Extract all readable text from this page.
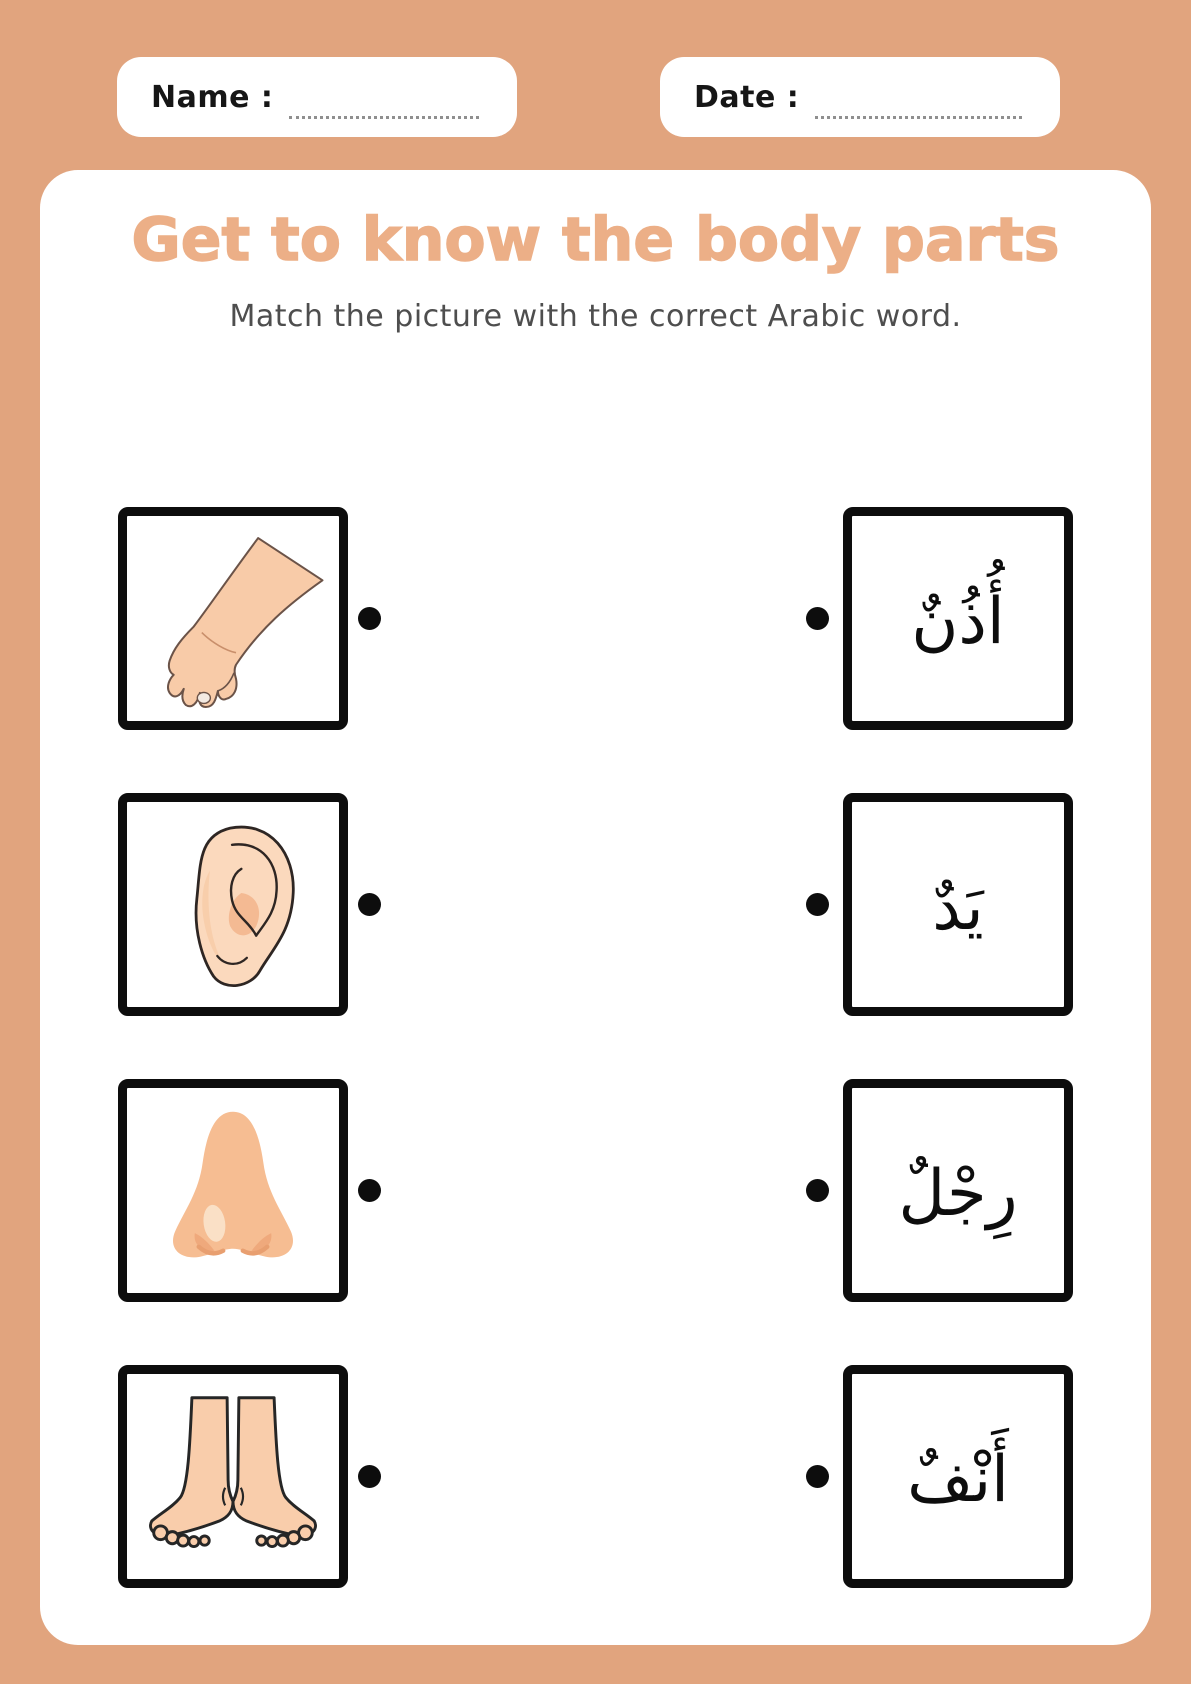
Name :	Date :
Get to know the body parts

Match the picture with the correct Arabic word.

أُذُنٌ
يَدٌ
رِجْلٌ
أَنْفٌ
